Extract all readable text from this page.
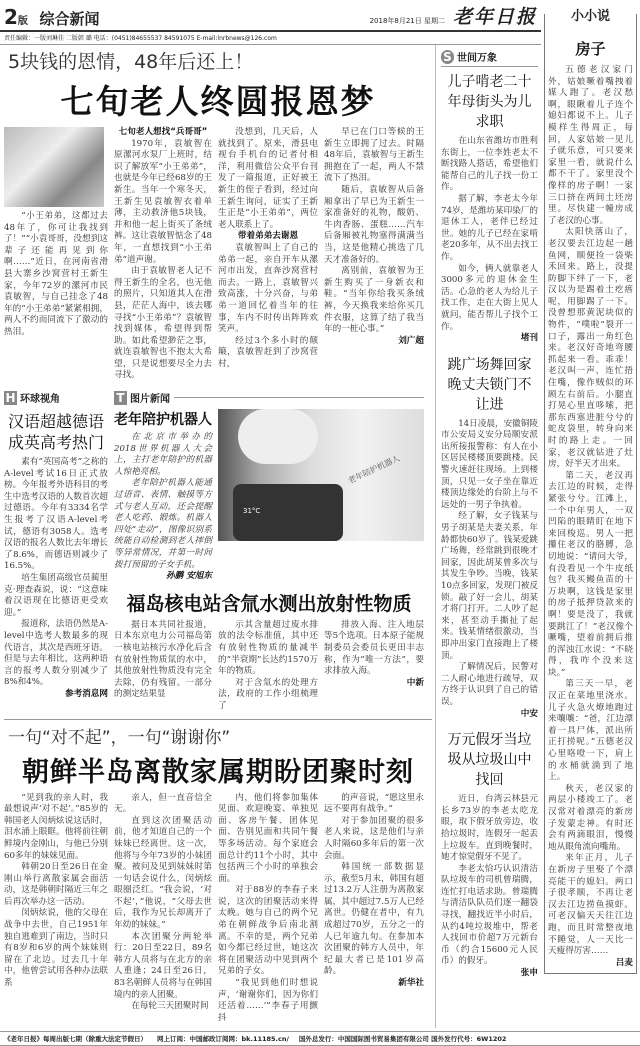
2版 综合新闻	2018年8月21日 星期二 老年日报
责任编辑：一版刘琳佳 二版韩 璐 电话：(0451)84655537 84591075 E-mail:lnrbnews@126.com
5块钱的恩情，48年后还上！
七旬老人终圆报恩梦

“小王弟弟，这都过去48年了，你可让我找到了！”“小袁哥哥，没想到这辈子还能再见到你啊……”近日，在河南省滑县大寨乡沙窝营村王新生家，今年72岁的漯河市民袁敏智，与自己挂念了48年的“小王弟弟”紧紧相拥，两人不约而同流下了激动的热泪。

七旬老人想找“兵哥哥”

1970年，袁敏智在原漯河水泵厂上班时，结识了解放军“小王弟弟”，也就是今年已经68岁的王新生。当年一个寒冬天，王新生见袁敏智衣着单薄，主动救济他5块钱，并和他一起上街买了条绒裤。这让袁敏智惦念了48年，一直想找到“小王弟弟”道声谢。

由于袁敏智老人记不得王新生的全名，也无他的照片，只知道其人在滑县，茫茫人海中，该去哪寻找“小王弟弟”？袁敏智找到媒体，希望得到帮助。如此希望渺茫之事，就连袁敏智也不抱太大希望，只是说想要尽全力去寻找。

没想到，几天后，人就找到了。原来，滑县电视台手机台的记者付相洋，利用微信公众平台刊发了一篇报道，正好被王新生的侄子看到，经过向王新生询问，证实了王新生正是“小王弟弟”，两位老人联系上了。

带着弟弟去谢恩

袁敏智叫上了自己的弟弟一起，亲自开车从漯河市出发，直奔沙窝营村而去。一路上，袁敏智兴致高涨，十分兴奋，与弟弟一道回忆着当年的往事，车内不时传出阵阵欢笑声。

经过3个多小时的颠簸，袁敏智赶到了沙窝营村，

早已在门口等候的王新生立即拥了过去。时隔48年后，袁敏智与王新生拥抱在了一起，两人不禁流下了热泪。

随后，袁敏智从后备厢拿出了早已为王新生一家准备好的礼物，酸奶、牛肉香肠、蛋糕……汽车后备厢被礼物塞得满满当当，这是他精心挑选了几天才准备好的。

离别前，袁敏智为王新生购买了一身新衣和鞋。“当年你给我买条绒裤，今天换我来给你买几件衣服，这算了结了我当年的一桩心事。”

刘广超
H 环球视角
汉语超越德语成英高考热门

素有“英国高考”之称的A-level考试16日正式放榜。今年报考外语科目的考生中选考汉语的人数首次超过德语。今年有3334名学生报考了汉语A-level考试，德语有3058人。选考汉语的报名人数比去年增长了8.6%，而德语则减少了16.5%。

培生集团高级官员蔺里克·理查森说，说：“这意味着汉语现在比德语更受欢迎。”

报道称，法语仍然是A-level中选考人数最多的现代语言，其次是西班牙语。但是与去年相比，这两种语言的报考人数分别减少了8%和4%。

参考消息网
T 图片新闻
老年陪护机器人

在北京市举办的2018世界机器人大会上，主打老年陪护的机器人惊艳亮相。

老年陪护机器人能通过语音、表情、触摸等方式与老人互动，还会提醒老人吃药、锻炼。机器人四处“走动”，图像识别系统能自动检测到老人摔倒等异常情况，并第一时间拨打预留的子女手机。

孙鹏 安旭东
31°C
老年陪护机器人
福岛核电站含氚水测出放射性物质

据日本共同社报道，日本东京电力公司福岛第一核电站核污水净化后含有放射性物质氚的水中，其他放射性物质没有完全去除，仍有残留。一部分的测定结果显

示其含量超过废水排放的法令标准值，其中还有放射性物质的量减半的“半衰期”长达约1570万年的物质。

对于含氚水的处理方法，政府的工作小组梳理了

排放入海、注入地层等5个选项。日本原子能规制委员会委员长更田丰志称，作为“唯一方法”，要求排放入海。

中新
一句“对不起”，一句“谢谢你”
朝鲜半岛离散家属期盼团聚时刻

“见到我的亲人时，我最想说声‘对不起’。”85岁的韩国老人闵炳炫说这话时，泪水涌上眼眶。他将前往朝鲜境内金刚山，与他已分别60多年的妹妹见面。

韩朝20日至26日在金刚山举行离散家属会面活动，这是韩朝时隔近三年之后再次举办这一活动。

闵炳炫说，他的父母在战争中去世，自己1951年独自逃难到了南边，当时只有8岁和6岁的两个妹妹则留在了北边。过去几十年中，他曾尝试用各种办法联系

亲人，但一直音信全无。

直到这次团聚活动前，他才知道自己的一个妹妹已经离世。这一次，他将与今年73岁的小妹团聚。被问及见到妹妹时第一句话会说什么，闵炳炫眼圈泛红。“我会说，‘对不起’，”他说，“父母去世后，我作为兄长却离开了年幼的妹妹。”

本次团聚分两轮举行：20日至22日，89名韩方人员将与在北方的亲人重逢；24日至26日，83名朝鲜人员将与在韩国境内的亲人团聚。

在每轮三天团聚时间

内，他们将参加集体见面、欢迎晚宴、单独见面、客房午餐、团体见面、告别见面和共同午餐等多场活动。每个家庭会面总计约11个小时，其中包括两三个小时的单独会面。

对于88岁的李春子来说，这次的团聚活动来得太晚。她与自己的两个兄弟在朝鲜战争后南北割离。不幸的是，两个兄弟如今都已经过世，她这次将在团聚活动中见到两个兄弟的子女。

“我见到他们时想说声，‘谢谢你们，因为你们还活着……’”李春子用颤抖

的声音说，“愿这里永远不要再有战争。”

对于参加团聚的很多老人来说，这是他们与亲人时隔60多年后的第一次会面。

韩国统一部数据显示，截至5月末，韩国有超过13.2万人注册为离散家属，其中超过7.5万人已经离世。仍健在者中，有九成超过70岁，五分之一的人已年逾九旬。在参加本次团聚的韩方人员中，年纪最大者已是101岁高龄。

新华社
S 世间万象
儿子啃老二十年母街头为儿求职

在山东省潍坊市胜利东街上，一位李姓老太不断找路人搭话，希望他们能帮自己的儿子找一份工作。

据了解，李老太今年74岁，是潍坊某印染厂的退休工人，老伴已经过世。她的儿子已经在家啃老20多年，从不出去找工作。

如今，俩人就靠老人3000多元的退休金生活。心急的老人为给儿子找工作，走在大街上见人就问，能否帮儿子找个工作。

堵刊
跳广场舞回家晚丈夫锁门不让进

14日凌晨，安徽铜陵市公安局义安分局顺安派出所接报警称：有人在小区居民楼楼顶要跳楼。民警火速赶往现场。上到楼顶，只见一女子坐在靠近楼顶边缘处的台阶上与不远处的一男子争执着。

经了解，女子钱某与男子胡某是夫妻关系，年龄都快60岁了。钱某爱跳广场舞，经常跳到很晚才回家，因此胡某曾多次与其发生争吵。当晚，钱某10点多回家，发现门被反锁。敲了好一会儿，胡某才将门打开。二人吵了起来，甚至动手撕扯了起来。钱某情绪很激动，当即冲出家门直接跑上了楼顶。

了解情况后，民警对二人耐心地进行疏导，双方终于认识到了自己的错误。

中安
万元假牙当垃圾从垃圾山中找回

近日，台湾云林县元长乡73岁的李老太吃龙眼，取下假牙放旁边，收拾垃圾时，连假牙一起丢上垃圾车。直到晚餐时，她才惊觉假牙不见了。

李老太恰巧认识清洁队垃圾车的司机曾瑞腾，连忙打电话求助。曾瑞腾与清洁队队员们逐一翻袋寻找，翻找近半小时后，从约4吨垃圾堆中，帮老人找回市价超7万元新台币（约合15600元人民币）的假牙。

张申
小小说
房子

五德老汉家门外，姑娘噘着嘴拽着媒人跑了。老汉愁啊，眼瞅着儿子连个媳妇都说不上。儿子模样生得周正，每回，人家姑娘一见儿子就乐意，可只要来家里一看，就说什么都不干了。家里没个像样的房子啊！一家三口挤在两间土坯房里。尽快建一幢房成了老汉的心事。

太阳快落山了，老汉要去江边起一趟鱼网，顺便捡一袋柴禾回来。路上，没提防脚下绊了一下，老汉以为是踢着土疙瘩呢，用脚踢了一下。没曾想那黄泥块似的物件，“噗啦”裂开一口子，露出一角红色来。老汉好奇地弯腰抓起来一看。乖乖！老汉叫一声，连忙捂住嘴，像作贼似的环顾左右前后。小腿直打晃心里直哆嗦，把那东西塞进脏兮兮的蛇皮袋里，转身向来时的路上走。一回家，老汉就钻进了灶房，好半天才出来。

第二天，老汉再去江边的时候，走得紧张兮兮。江滩上，一个中年男人，一双凹陷的眼睛盯在地下来回梭巡。男人一把攥住老汉的胳膊，急切地说：“请问大爷，有没看见一个牛皮纸包？我买鳗鱼苗的十万块啊，这钱是家里的房子抵押贷款来的啊！要是没了，我就要跳江了！”老汉像个噘嘴，望着前拥后推的浑浊江水说：“不晓得，我咋个没来这块。”

第三天一早，老汉正在菜地里浇水。儿子火急火燎地跑过来嚷嚷：“爸，江边漂着一具尸体，派出所正打捞呢。”五德老汉心里咯噔一下，肩上的水桶就淌到了地上。

秋天，老汉家的两层小楼竣工了。老汉常对着漂亮的新房子发蒙走神。有时还会有两滴眼泪，慢慢地从眼角流向嘴角。

来年正月，儿子在新房子里娶了个漂亮能干的媳妇。两口子很孝顺，不再让老汉去江边捞鱼摸虾。可老汉偏天天往江边跑，而且时常整夜地不睡觉，人一天比一天瘦得厉害……

吕麦
《老年日报》每周出版七期（除重大法定节假日） 网上订阅：中国邮政订阅网：bk.11185.cn/ 国外总发行：中国国际图书贸易集团有限公司 国外发行代号：6W1202
